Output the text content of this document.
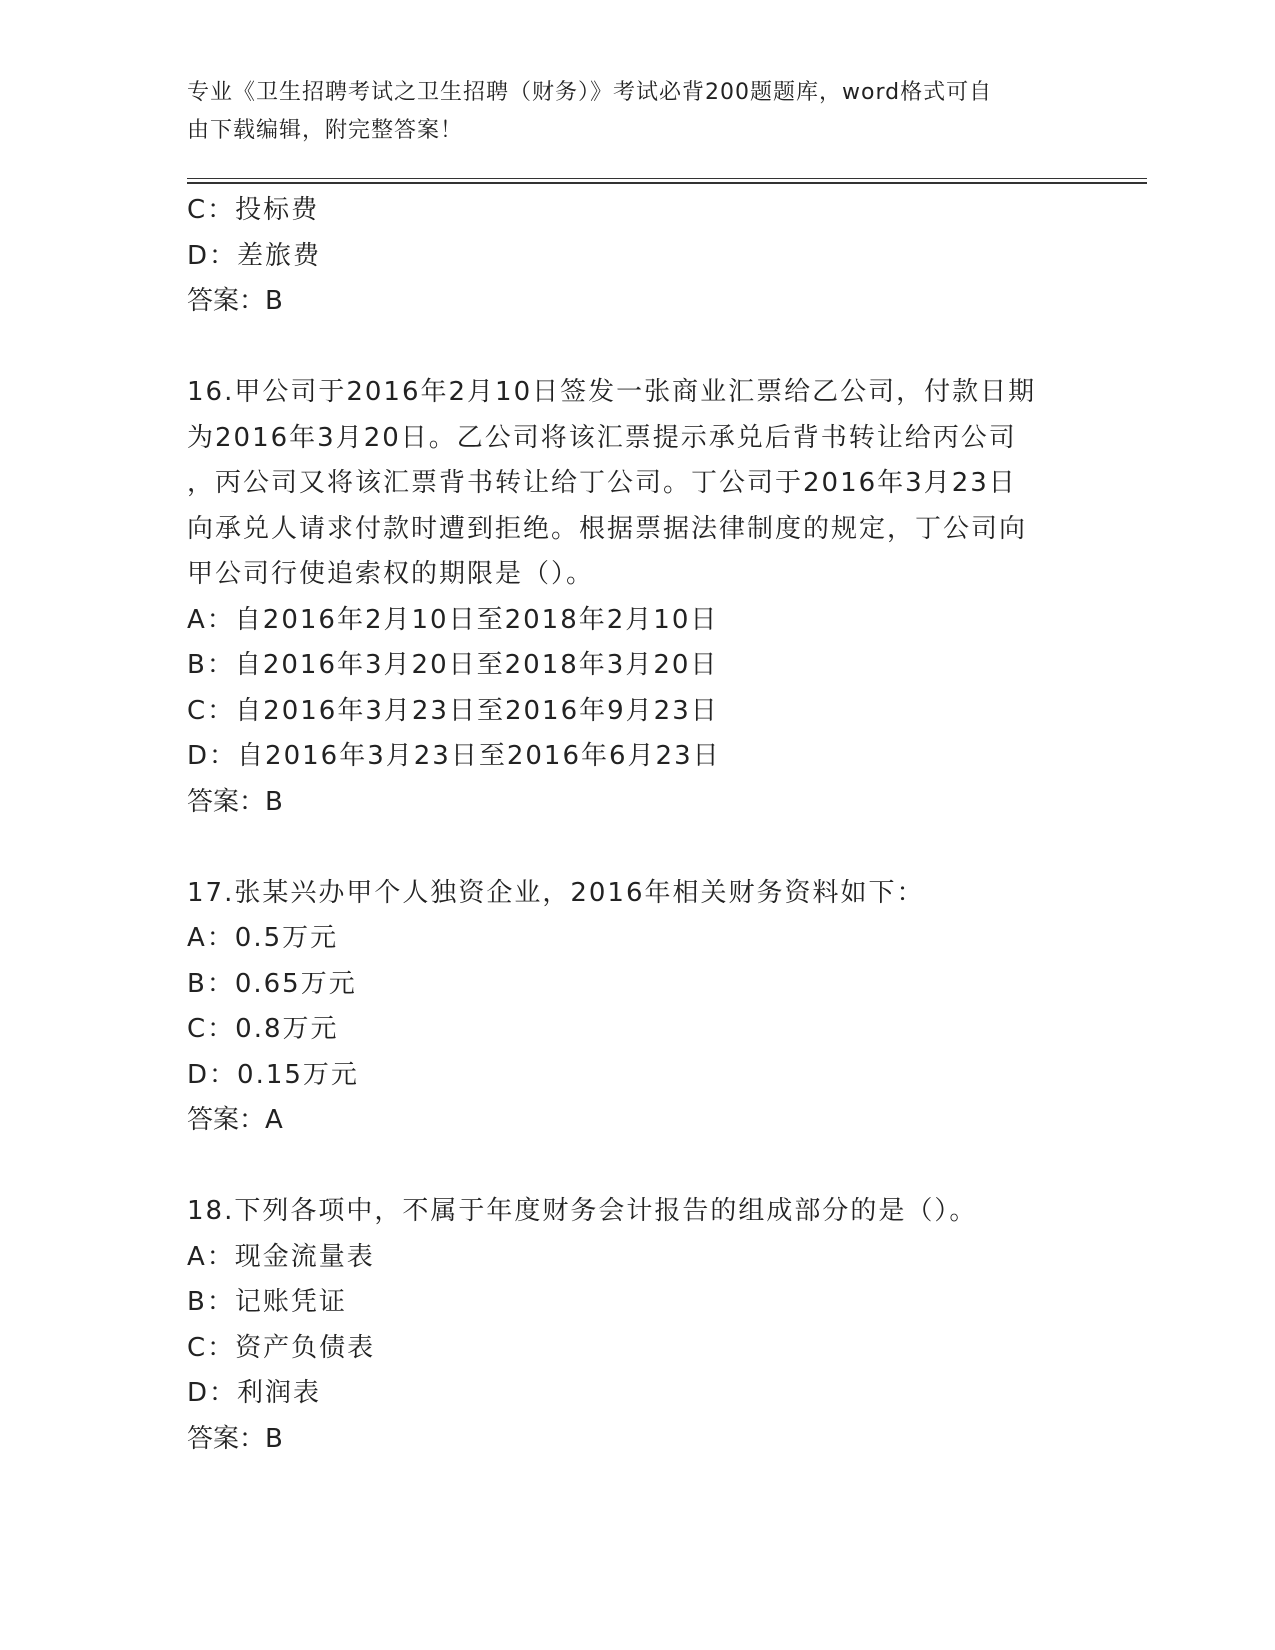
专业《卫生招聘考试之卫生招聘（财务）》考试必背200题题库，word格式可自
由下载编辑，附完整答案！
C：投标费
D：差旅费
答案：B
16.甲公司于2016年2月10日签发一张商业汇票给乙公司，付款日期
为2016年3月20日。乙公司将该汇票提示承兑后背书转让给丙公司
，丙公司又将该汇票背书转让给丁公司。丁公司于2016年3月23日
向承兑人请求付款时遭到拒绝。根据票据法律制度的规定，丁公司向
甲公司行使追索权的期限是（）。
A：自2016年2月10日至2018年2月10日
B：自2016年3月20日至2018年3月20日
C：自2016年3月23日至2016年9月23日
D：自2016年3月23日至2016年6月23日
答案：B
17.张某兴办甲个人独资企业，2016年相关财务资料如下：
A：0.5万元
B：0.65万元
C：0.8万元
D：0.15万元
答案：A
18.下列各项中，不属于年度财务会计报告的组成部分的是（）。
A：现金流量表
B：记账凭证
C：资产负债表
D：利润表
答案：B
